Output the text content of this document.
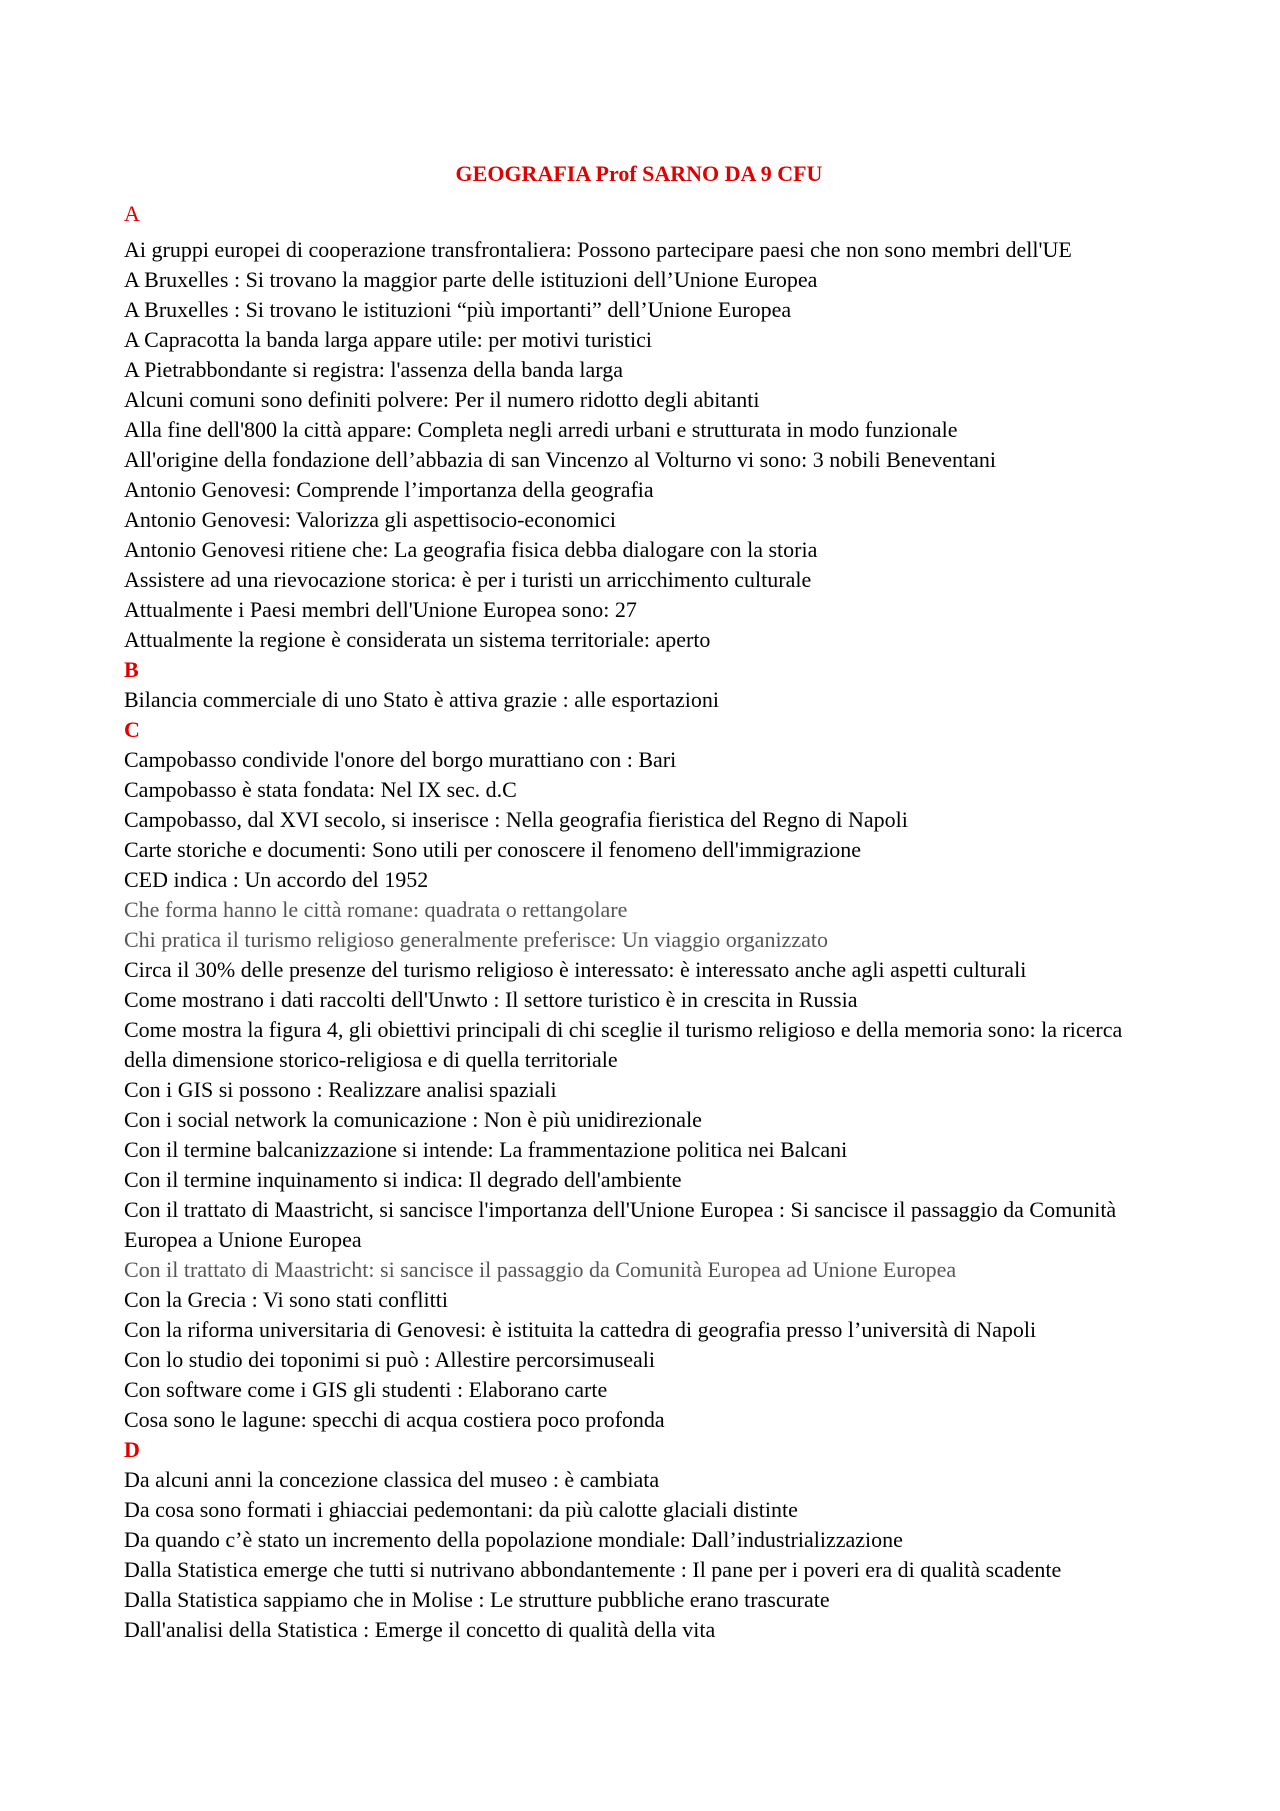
GEOGRAFIA Prof SARNO DA 9 CFU
A
Ai gruppi europei di cooperazione transfrontaliera: Possono partecipare paesi che non sono membri dell'UE
A Bruxelles : Si trovano la maggior parte delle istituzioni dell’Unione Europea
A Bruxelles : Si trovano le istituzioni “più importanti” dell’Unione Europea
A Capracotta la banda larga appare utile: per motivi turistici
A Pietrabbondante si registra: l'assenza della banda larga
Alcuni comuni sono definiti polvere: Per il numero ridotto degli abitanti
Alla fine dell'800 la città appare: Completa negli arredi urbani e strutturata in modo funzionale
All'origine della fondazione dell’abbazia di san Vincenzo al Volturno vi sono: 3 nobili Beneventani
Antonio Genovesi: Comprende l’importanza della geografia
Antonio Genovesi: Valorizza gli aspettisocio-economici
Antonio Genovesi ritiene che: La geografia fisica debba dialogare con la storia
Assistere ad una rievocazione storica: è per i turisti un arricchimento culturale
Attualmente i Paesi membri dell'Unione Europea sono: 27
Attualmente la regione è considerata un sistema territoriale: aperto
B
Bilancia commerciale di uno Stato è attiva grazie : alle esportazioni
C
Campobasso condivide l'onore del borgo murattiano con : Bari
Campobasso è stata fondata: Nel IX sec. d.C
Campobasso, dal XVI secolo, si inserisce : Nella geografia fieristica del Regno di Napoli
Carte storiche e documenti: Sono utili per conoscere il fenomeno dell'immigrazione
CED indica : Un accordo del 1952
Che forma hanno le città romane: quadrata o rettangolare
Chi pratica il turismo religioso generalmente preferisce: Un viaggio organizzato
Circa il 30% delle presenze del turismo religioso è interessato: è interessato anche agli aspetti culturali
Come mostrano i dati raccolti dell'Unwto : Il settore turistico è in crescita in Russia
Come mostra la figura 4, gli obiettivi principali di chi sceglie il turismo religioso e della memoria sono: la ricerca della dimensione storico-religiosa e di quella territoriale
Con i GIS si possono : Realizzare analisi spaziali
Con i social network la comunicazione : Non è più unidirezionale
Con il termine balcanizzazione si intende: La frammentazione politica nei Balcani
Con il termine inquinamento si indica: Il degrado dell'ambiente
Con il trattato di Maastricht, si sancisce l'importanza dell'Unione Europea : Si sancisce il passaggio da Comunità Europea a Unione Europea
Con il trattato di Maastricht: si sancisce il passaggio da Comunità Europea ad Unione Europea
Con la Grecia : Vi sono stati conflitti
Con la riforma universitaria di Genovesi: è istituita la cattedra di geografia presso l’università di Napoli
Con lo studio dei toponimi si può : Allestire percorsimuseali
Con software come i GIS gli studenti : Elaborano carte
Cosa sono le lagune: specchi di acqua costiera poco profonda
D
Da alcuni anni la concezione classica del museo : è cambiata
Da cosa sono formati i ghiacciai pedemontani: da più calotte glaciali distinte
Da quando c’è stato un incremento della popolazione mondiale: Dall’industrializzazione
Dalla Statistica emerge che tutti si nutrivano abbondantemente : Il pane per i poveri era di qualità scadente
Dalla Statistica sappiamo che in Molise : Le strutture pubbliche erano trascurate
Dall'analisi della Statistica : Emerge il concetto di qualità della vita
